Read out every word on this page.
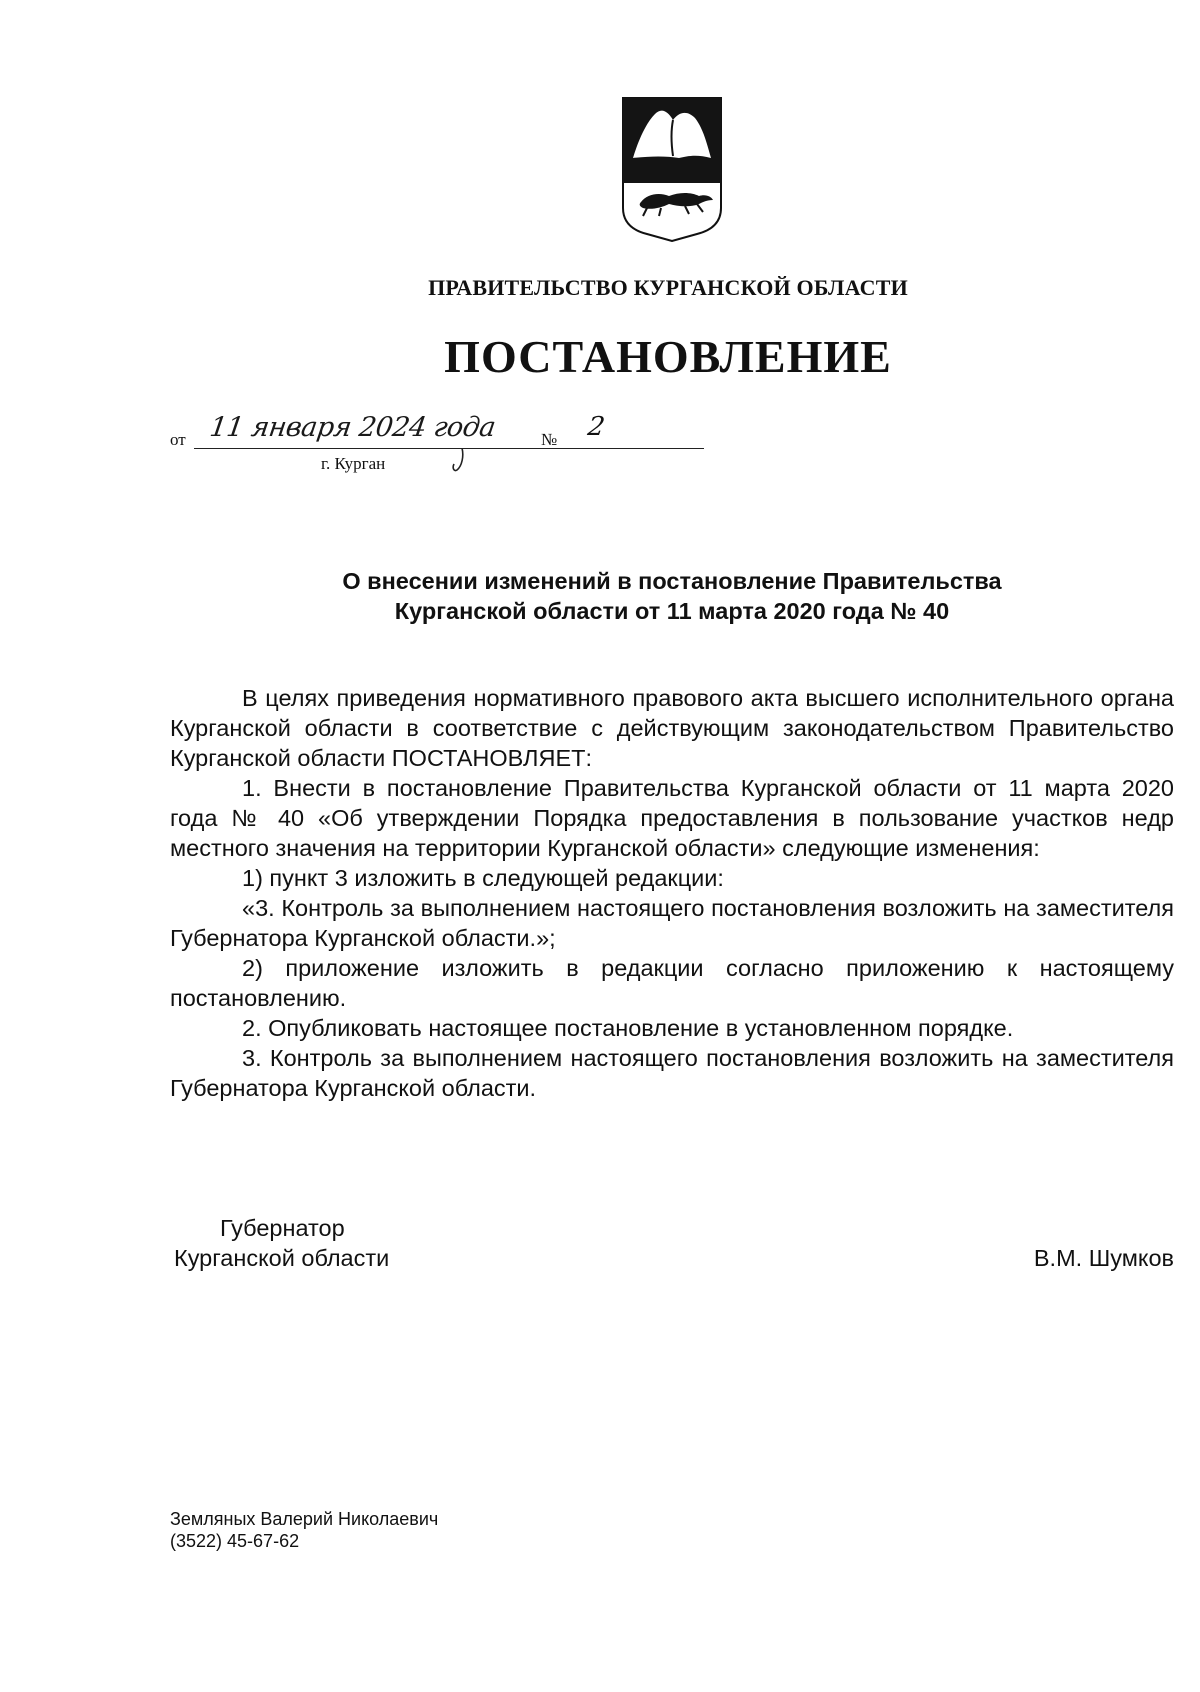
ПРАВИТЕЛЬСТВО КУРГАНСКОЙ ОБЛАСТИ
ПОСТАНОВЛЕНИЕ
от 11 января 2024 года	№ 2
г. Курган
О внесении изменений в постановление Правительства
Курганской области от 11 марта 2020 года № 40

В целях приведения нормативного правового акта высшего исполнительного органа Курганской области в соответствие с действующим законодательством Правительство Курганской области ПОСТАНОВЛЯЕТ:

1. Внести в постановление Правительства Курганской области от 11 марта 2020 года № 40 «Об утверждении Порядка предоставления в пользование участков недр местного значения на территории Курганской области» следующие изменения:

1) пункт 3 изложить в следующей редакции:

«3. Контроль за выполнением настоящего постановления возложить на заместителя Губернатора Курганской области.»;

2) приложение изложить в редакции согласно приложению к настоящему постановлению.

2. Опубликовать настоящее постановление в установленном порядке.

3. Контроль за выполнением настоящего постановления возложить на заместителя Губернатора Курганской области.

Губернатор
Курганской области	В.М. Шумков
Земляных Валерий Николаевич
(3522) 45-67-62
